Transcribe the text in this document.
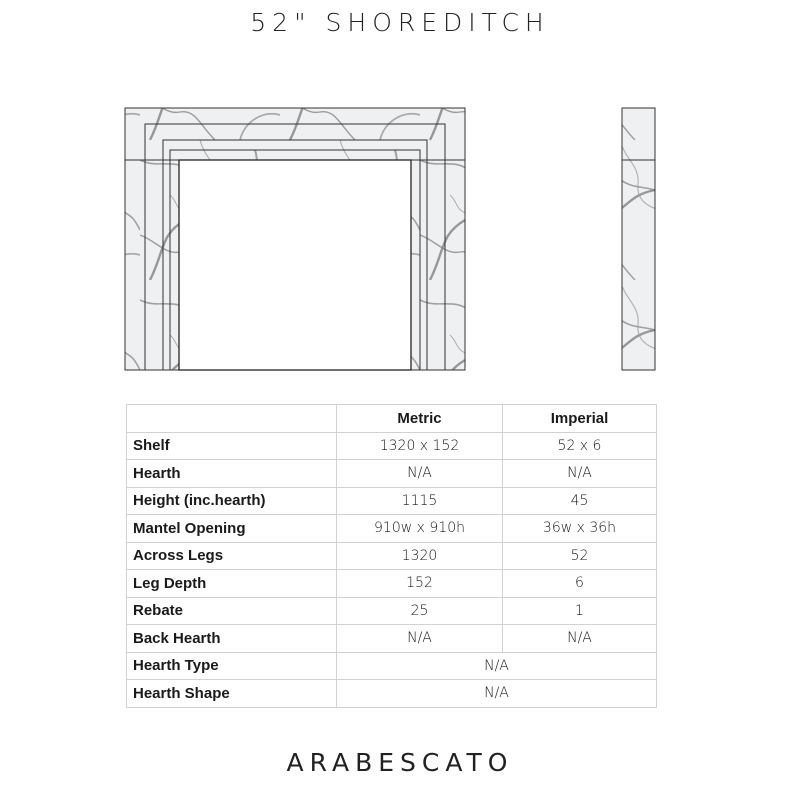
52" SHOREDITCH
	Metric	Imperial
Shelf	1320 x 152	52 x 6
Hearth	N/A	N/A
Height (inc.hearth)	1115	45
Mantel Opening	910w x 910h	36w x 36h
Across Legs	1320	52
Leg Depth	152	6
Rebate	25	1
Back Hearth	N/A	N/A
Hearth Type	N/A	
Hearth Shape	N/A	
ARABESCATO
